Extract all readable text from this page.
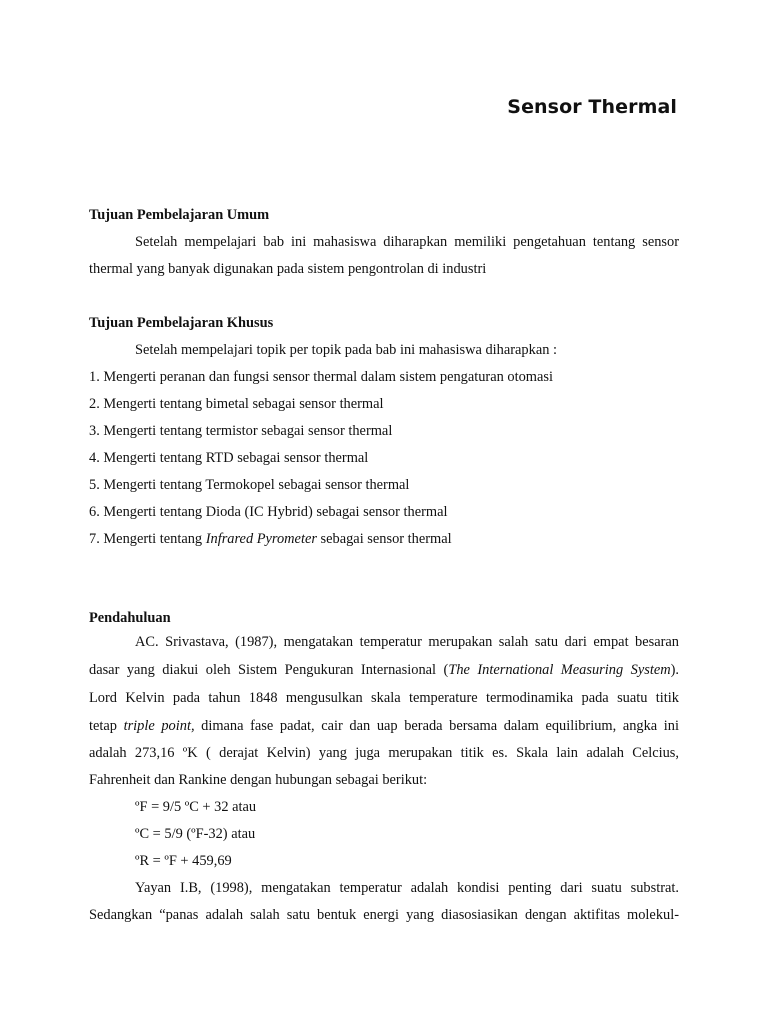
Sensor Thermal
Tujuan Pembelajaran Umum
Setelah mempelajari bab ini mahasiswa diharapkan memiliki pengetahuan tentang sensor
thermal yang banyak digunakan pada sistem pengontrolan di industri
Tujuan Pembelajaran Khusus
Setelah mempelajari topik per topik pada bab ini mahasiswa diharapkan :
1. Mengerti peranan dan fungsi sensor thermal dalam sistem pengaturan otomasi
2. Mengerti tentang bimetal sebagai sensor thermal
3. Mengerti tentang termistor sebagai sensor thermal
4. Mengerti tentang RTD sebagai sensor thermal
5. Mengerti tentang Termokopel sebagai sensor thermal
6. Mengerti tentang Dioda (IC Hybrid) sebagai sensor thermal
7. Mengerti tentang Infrared Pyrometer sebagai sensor thermal
Pendahuluan
AC. Srivastava, (1987), mengatakan temperatur merupakan salah satu dari empat besaran
dasar yang diakui oleh Sistem Pengukuran Internasional (The International Measuring System).
Lord Kelvin pada tahun 1848 mengusulkan skala temperature termodinamika pada suatu titik
tetap triple point, dimana fase padat, cair dan uap berada bersama dalam equilibrium, angka ini
adalah 273,16 ºK ( derajat Kelvin) yang juga merupakan titik es. Skala lain adalah Celcius,
Fahrenheit dan Rankine dengan hubungan sebagai berikut:
ºF = 9/5 ºC + 32 atau
ºC = 5/9 (ºF-32) atau
ºR = ºF + 459,69
Yayan I.B, (1998), mengatakan temperatur adalah kondisi penting dari suatu substrat.
Sedangkan “panas adalah salah satu bentuk energi yang diasosiasikan dengan aktifitas molekul-
